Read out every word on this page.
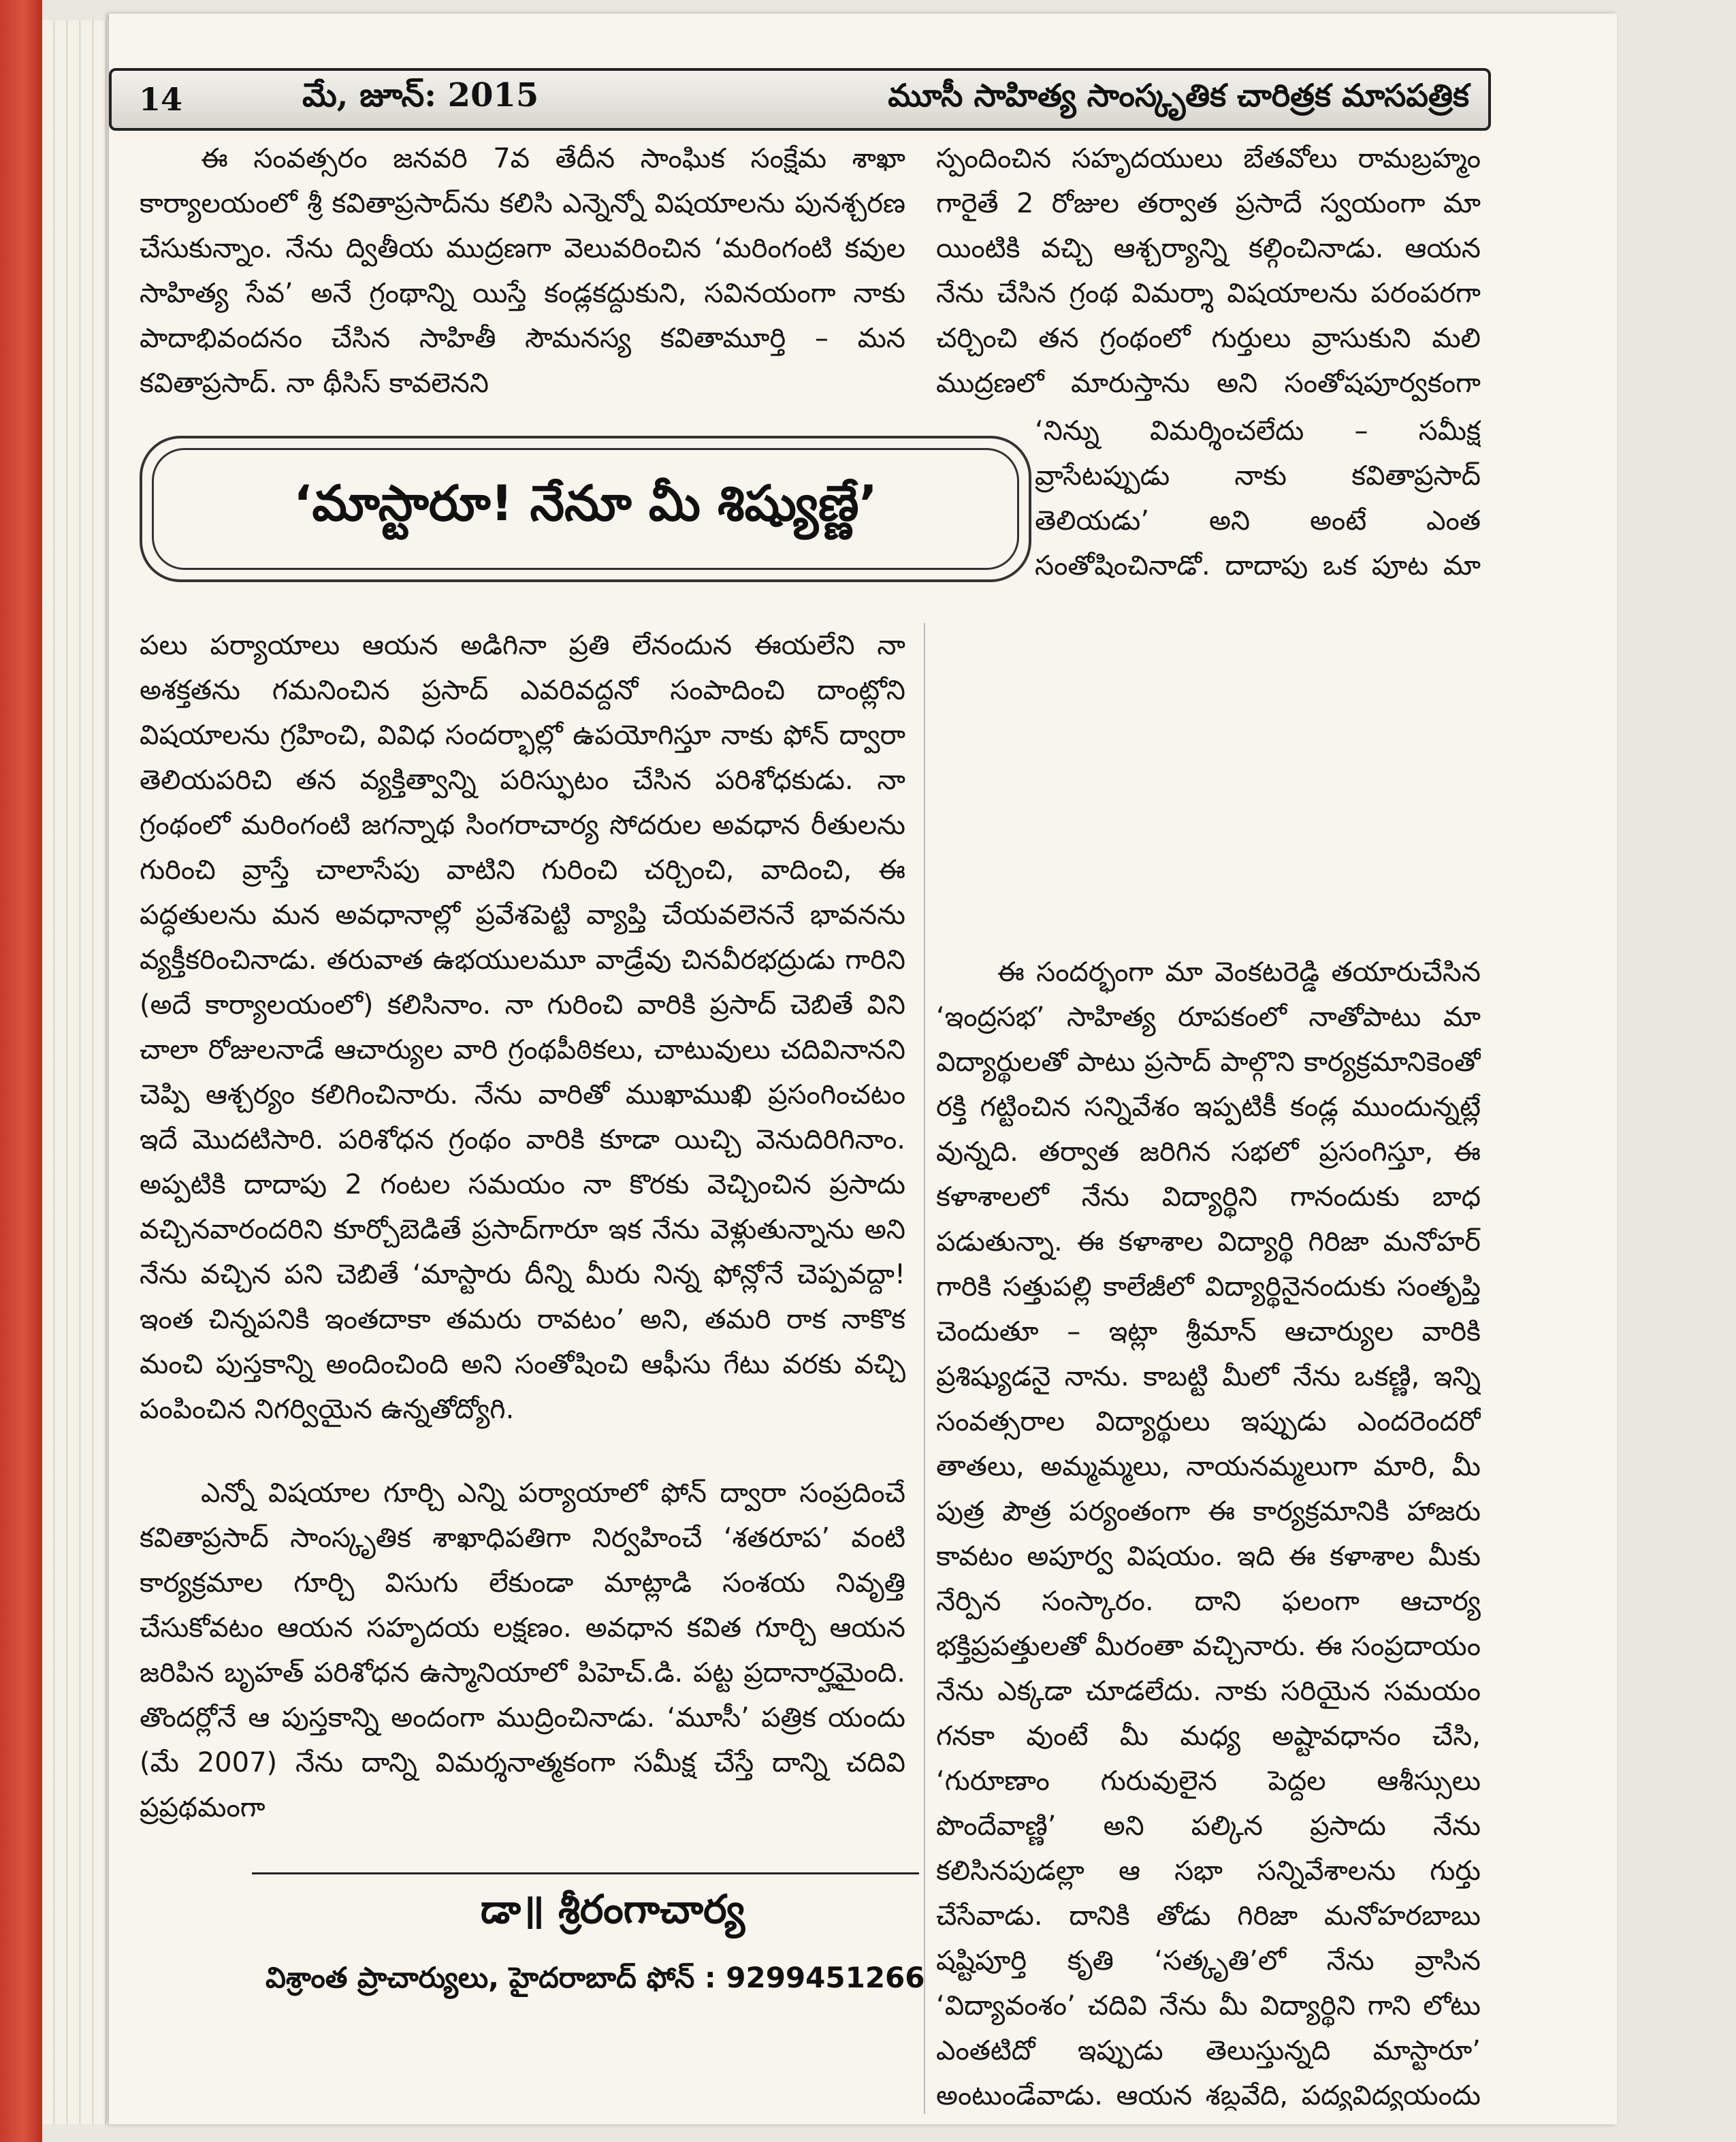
14	మే, జూన్: 2015	మూసీ సాహిత్య సాంస్కృతిక చారిత్రక మాసపత్రిక

ఈ సంవత్సరం జనవరి 7వ తేదీన సాంఘిక సంక్షేమ శాఖా కార్యాలయంలో శ్రీ కవితాప్రసాద్‌ను కలిసి ఎన్నెన్నో విషయాలను పునశ్చరణ చేసుకున్నాం. నేను ద్వితీయ ముద్రణగా వెలువరించిన ‘మరింగంటి కవుల సాహిత్య సేవ’ అనే గ్రంథాన్ని యిస్తే కండ్లకద్దుకుని, సవినయంగా నాకు పాదాభివందనం చేసిన సాహితీ సౌమనస్య కవితామూర్తి – మన కవితాప్రసాద్. నా థీసిస్ కావలెనని

‘మాస్టారూ! నేనూ మీ శిష్యుణ్ణే’

పలు పర్యాయాలు ఆయన అడిగినా ప్రతి లేనందున ఈయలేని నా అశక్తతను గమనించిన ప్రసాద్ ఎవరివద్దనో సంపాదించి దాంట్లోని విషయాలను గ్రహించి, వివిధ సందర్భాల్లో ఉపయోగిస్తూ నాకు ఫోన్ ద్వారా తెలియపరిచి తన వ్యక్తిత్వాన్ని పరిస్ఫుటం చేసిన పరిశోధకుడు. నా గ్రంథంలో మరింగంటి జగన్నాథ సింగరాచార్య సోదరుల అవధాన రీతులను గురించి వ్రాస్తే చాలాసేపు వాటిని గురించి చర్చించి, వాదించి, ఈ పద్ధతులను మన అవధానాల్లో ప్రవేశపెట్టి వ్యాప్తి చేయవలెననే భావనను వ్యక్తీకరించినాడు. తరువాత ఉభయులమూ వాడ్రేవు చినవీరభద్రుడు గారిని (అదే కార్యాలయంలో) కలిసినాం. నా గురించి వారికి ప్రసాద్ చెబితే విని చాలా రోజులనాడే ఆచార్యుల వారి గ్రంథపీఠికలు, చాటువులు చదివినానని చెప్పి ఆశ్చర్యం కలిగించినారు. నేను వారితో ముఖాముఖి ప్రసంగించటం ఇదే మొదటిసారి. పరిశోధన గ్రంథం వారికి కూడా యిచ్చి వెనుదిరిగినాం. అప్పటికి దాదాపు 2 గంటల సమయం నా కొరకు వెచ్చించిన ప్రసాదు వచ్చినవారందరిని కూర్చోబెడితే ప్రసాద్‌గారూ ఇక నేను వెళ్లుతున్నాను అని నేను వచ్చిన పని చెబితే ‘మాస్టారు దీన్ని మీరు నిన్న ఫోన్లోనే చెప్పవద్దా! ఇంత చిన్నపనికి ఇంతదాకా తమరు రావటం’ అని, తమరి రాక నాకొక మంచి పుస్తకాన్ని అందించింది అని సంతోషించి ఆఫీసు గేటు వరకు వచ్చి పంపించిన నిగర్వియైన ఉన్నతోద్యోగి.

ఎన్నో విషయాల గూర్చి ఎన్ని పర్యాయాలో ఫోన్ ద్వారా సంప్రదించే కవితాప్రసాద్ సాంస్కృతిక శాఖాధిపతిగా నిర్వహించే ‘శతరూప’ వంటి కార్యక్రమాల గూర్చి విసుగు లేకుండా మాట్లాడి సంశయ నివృత్తి చేసుకోవటం ఆయన సహృదయ లక్షణం. అవధాన కవిత గూర్చి ఆయన జరిపిన బృహత్ పరిశోధన ఉస్మానియాలో పిహెచ్.డి. పట్ట ప్రదానార్హమైంది. తొందర్లోనే ఆ పుస్తకాన్ని అందంగా ముద్రించినాడు. ‘మూసీ’ పత్రిక యందు (మే 2007) నేను దాన్ని విమర్శనాత్మకంగా సమీక్ష చేస్తే దాన్ని చదివి ప్రప్రథమంగా

స్పందించిన సహృదయులు బేతవోలు రామబ్రహ్మం గారైతే 2 రోజుల తర్వాత ప్రసాదే స్వయంగా మా యింటికి వచ్చి ఆశ్చర్యాన్ని కల్గించినాడు. ఆయన నేను చేసిన గ్రంథ విమర్శా విషయాలను పరంపరగా చర్చించి తన గ్రంథంలో గుర్తులు వ్రాసుకుని మలి ముద్రణలో మారుస్తాను అని సంతోషపూర్వకంగా

‘నిన్ను విమర్శించలేదు – సమీక్ష వ్రాసేటప్పుడు నాకు కవితాప్రసాద్ తెలియడు’ అని అంటే ఎంత సంతోషించినాడో. దాదాపు ఒక పూట మా

ఈ సందర్భంగా మా వెంకటరెడ్డి తయారుచేసిన ‘ఇంద్రసభ’ సాహిత్య రూపకంలో నాతోపాటు మా విద్యార్థులతో పాటు ప్రసాద్ పాల్గొని కార్యక్రమానికెంతో రక్తి గట్టించిన సన్నివేశం ఇప్పటికీ కండ్ల ముందున్నట్లే వున్నది. తర్వాత జరిగిన సభలో ప్రసంగిస్తూ, ఈ కళాశాలలో నేను విద్యార్థిని గానందుకు బాధ పడుతున్నా. ఈ కళాశాల విద్యార్థి గిరిజా మనోహర్ గారికి సత్తుపల్లి కాలేజీలో విద్యార్థినైనందుకు సంతృప్తి చెందుతూ – ఇట్లా శ్రీమాన్ ఆచార్యుల వారికి ప్రశిష్యుడనై నాను. కాబట్టి మీలో నేను ఒకణ్ణి, ఇన్ని సంవత్సరాల విద్యార్థులు ఇప్పుడు ఎందరెందరో తాతలు, అమ్మమ్మలు, నాయనమ్మలుగా మారి, మీ పుత్ర పౌత్ర పర్యంతంగా ఈ కార్యక్రమానికి హాజరు కావటం అపూర్వ విషయం. ఇది ఈ కళాశాల మీకు నేర్పిన సంస్కారం. దాని ఫలంగా ఆచార్య భక్తిప్రపత్తులతో మీరంతా వచ్చినారు. ఈ సంప్రదాయం నేను ఎక్కడా చూడలేదు. నాకు సరియైన సమయం గనకా వుంటే మీ మధ్య అష్టావధానం చేసి, ‘గురూణాం గురువులైన పెద్దల ఆశీస్సులు పొందేవాణ్ణి’ అని పల్కిన ప్రసాదు నేను కలిసినపుడల్లా ఆ సభా సన్నివేశాలను గుర్తు చేసేవాడు. దానికి తోడు గిరిజా మనోహరబాబు షష్టిపూర్తి కృతి ‘సత్కృతి’లో నేను వ్రాసిన ‘విద్యావంశం’ చదివి నేను మీ విద్యార్థిని గాని లోటు ఎంతటిదో ఇప్పుడు తెలుస్తున్నది మాస్టారూ’ అంటుండేవాడు. ఆయన శబ్దవేది, పద్యవిద్యయందు

డా॥ శ్రీరంగాచార్య
విశ్రాంత ప్రాచార్యులు, హైదరాబాద్ ఫోన్ : 9299451266
